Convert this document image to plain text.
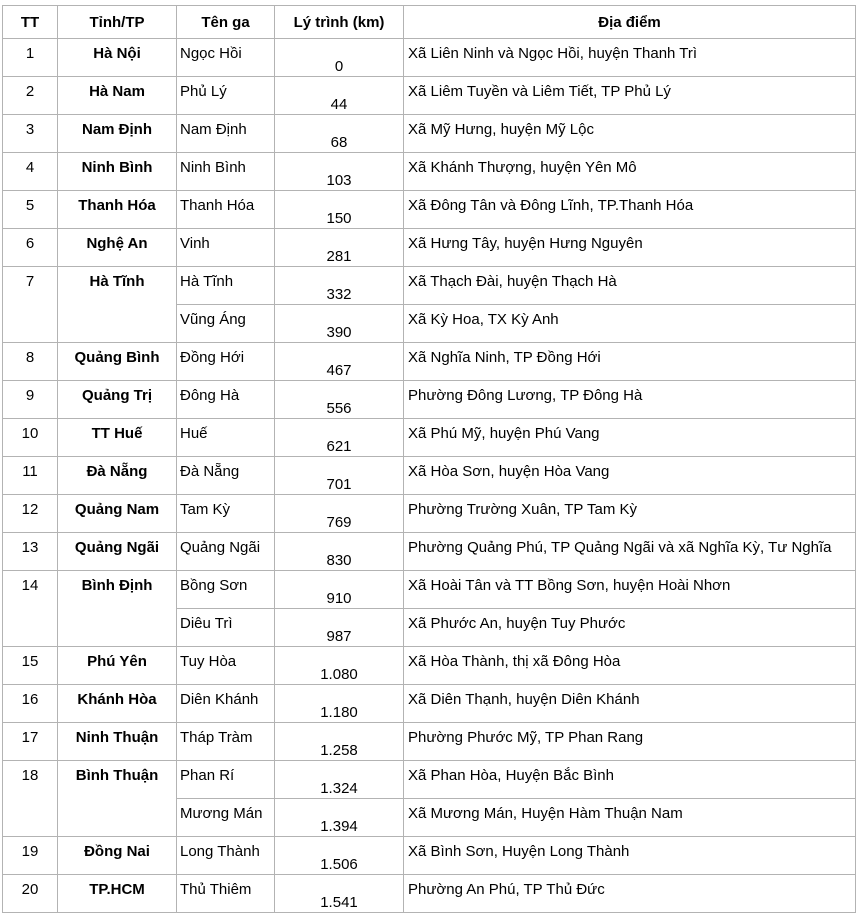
TT	Tỉnh/TP	Tên ga	Lý trình (km)	Địa điểm
1	Hà Nội	Ngọc Hồi	0	Xã Liên Ninh và Ngọc Hồi, huyện Thanh Trì
2	Hà Nam	Phủ Lý	44	Xã Liêm Tuyền và Liêm Tiết, TP Phủ Lý
3	Nam Định	Nam Định	68	Xã Mỹ Hưng, huyện Mỹ Lộc
4	Ninh Bình	Ninh Bình	103	Xã Khánh Thượng, huyện Yên Mô
5	Thanh Hóa	Thanh Hóa	150	Xã Đông Tân và Đông Lĩnh, TP.Thanh Hóa
6	Nghệ An	Vinh	281	Xã Hưng Tây, huyện Hưng Nguyên
7	Hà Tĩnh	Hà Tĩnh	332	Xã Thạch Đài, huyện Thạch Hà
		Vũng Áng	390	Xã Kỳ Hoa, TX Kỳ Anh
8	Quảng Bình	Đồng Hới	467	Xã Nghĩa Ninh, TP Đồng Hới
9	Quảng Trị	Đông Hà	556	Phường Đông Lương, TP Đông Hà
10	TT Huế	Huế	621	Xã Phú Mỹ, huyện Phú Vang
11	Đà Nẵng	Đà Nẵng	701	Xã Hòa Sơn, huyện Hòa Vang
12	Quảng Nam	Tam Kỳ	769	Phường Trường Xuân, TP Tam Kỳ
13	Quảng Ngãi	Quảng Ngãi	830	Phường Quảng Phú, TP Quảng Ngãi và xã Nghĩa Kỳ, Tư Nghĩa
14	Bình Định	Bồng Sơn	910	Xã Hoài Tân và TT Bồng Sơn, huyện Hoài Nhơn
		Diêu Trì	987	Xã Phước An, huyện Tuy Phước
15	Phú Yên	Tuy Hòa	1.080	Xã Hòa Thành, thị xã Đông Hòa
16	Khánh Hòa	Diên Khánh	1.180	Xã Diên Thạnh, huyện Diên Khánh
17	Ninh Thuận	Tháp Tràm	1.258	Phường Phước Mỹ, TP Phan Rang
18	Bình Thuận	Phan Rí	1.324	Xã Phan Hòa, Huyện Bắc Bình
		Mương Mán	1.394	Xã Mương Mán, Huyện Hàm Thuận Nam
19	Đồng Nai	Long Thành	1.506	Xã Bình Sơn, Huyện Long Thành
20	TP.HCM	Thủ Thiêm	1.541	Phường An Phú, TP Thủ Đức
